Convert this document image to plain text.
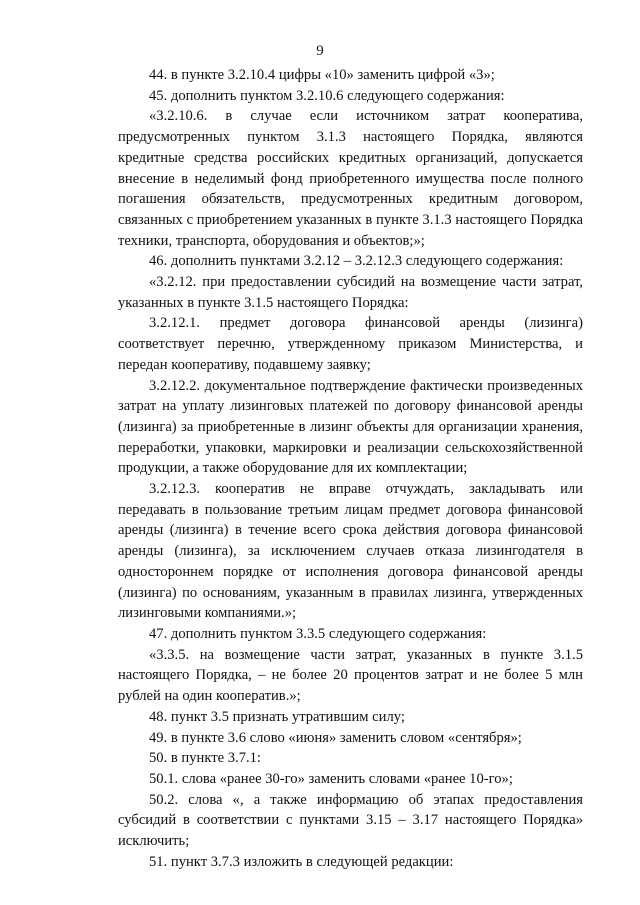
9

44. в пункте 3.2.10.4 цифры «10» заменить цифрой «3»;

45. дополнить пунктом 3.2.10.6 следующего содержания:

«3.2.10.6. в случае если источником затрат кооператива, предусмотренных пунктом 3.1.3 настоящего Порядка, являются кредитные средства российских кредитных организаций, допускается внесение в неделимый фонд приобретенного имущества после полного погашения обязательств, предусмотренных кредитным договором, связанных с приобретением указанных в пункте 3.1.3 настоящего Порядка техники, транспорта, оборудования и объектов;»;

46. дополнить пунктами 3.2.12 – 3.2.12.3 следующего содержания:

«3.2.12. при предоставлении субсидий на возмещение части затрат, указанных в пункте 3.1.5 настоящего Порядка:

3.2.12.1. предмет договора финансовой аренды (лизинга) соответствует перечню, утвержденному приказом Министерства, и передан кооперативу, подавшему заявку;

3.2.12.2. документальное подтверждение фактически произведенных затрат на уплату лизинговых платежей по договору финансовой аренды (лизинга) за приобретенные в лизинг объекты для организации хранения, переработки, упаковки, маркировки и реализации сельскохозяйственной продукции, а также оборудование для их комплектации;

3.2.12.3. кооператив не вправе отчуждать, закладывать или передавать в пользование третьим лицам предмет договора финансовой аренды (лизинга) в течение всего срока действия договора финансовой аренды (лизинга), за исключением случаев отказа лизингодателя в одностороннем порядке от исполнения договора финансовой аренды (лизинга) по основаниям, указанным в правилах лизинга, утвержденных лизинговыми компаниями.»;

47. дополнить пунктом 3.3.5 следующего содержания:

«3.3.5. на возмещение части затрат, указанных в пункте 3.1.5 настоящего Порядка, – не более 20 процентов затрат и не более 5 млн рублей на один кооператив.»;

48. пункт 3.5 признать утратившим силу;

49. в пункте 3.6 слово «июня» заменить словом «сентября»;

50. в пункте 3.7.1:

50.1. слова «ранее 30-го» заменить словами «ранее 10-го»;

50.2. слова «, а также информацию об этапах предоставления субсидий в соответствии с пунктами 3.15 – 3.17 настоящего Порядка» исключить;

51. пункт 3.7.3 изложить в следующей редакции:
